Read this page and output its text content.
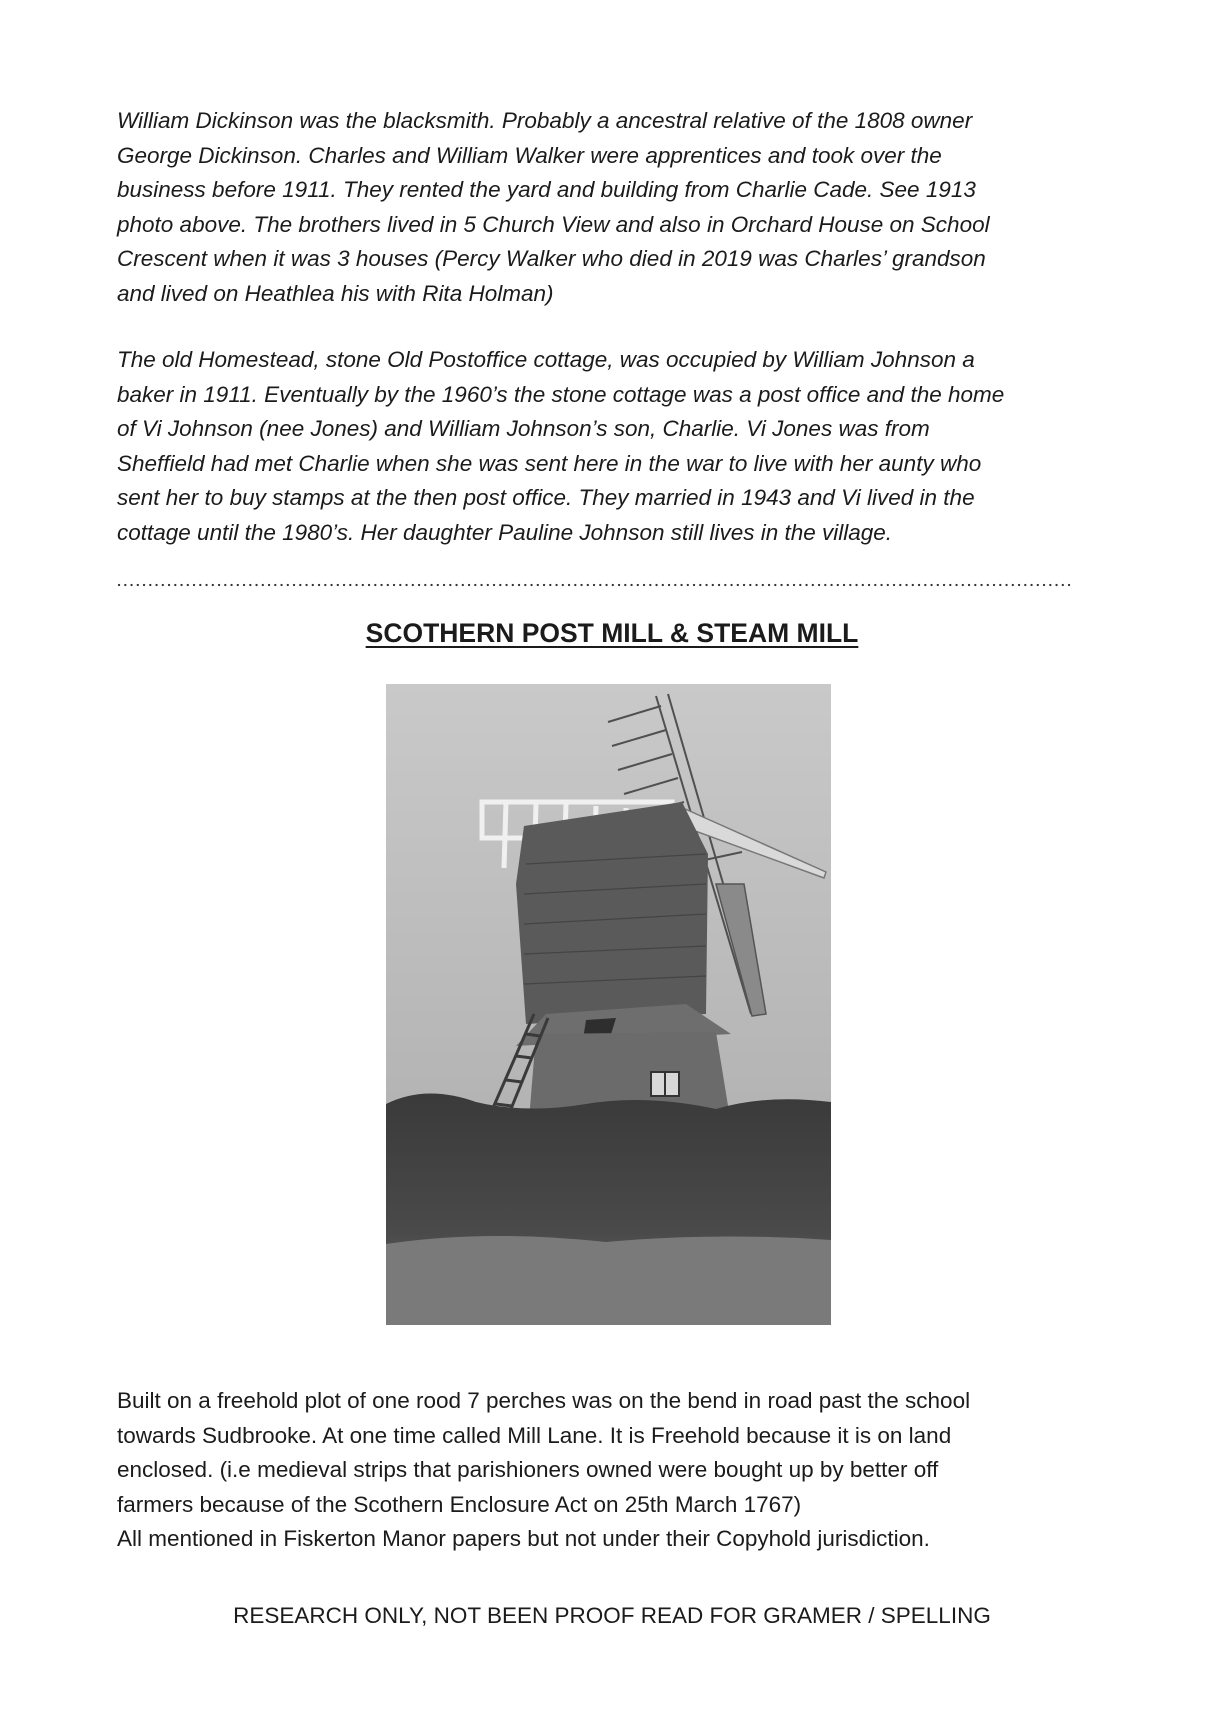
William Dickinson was the blacksmith. Probably a ancestral relative of the 1808 owner
George Dickinson. Charles and William Walker were apprentices and took over the
business before 1911. They rented the yard and building from Charlie Cade. See 1913
photo above. The brothers lived in 5 Church View and also in Orchard House on School
Crescent when it was 3 houses (Percy Walker who died in 2019 was Charles’ grandson
and lived on Heathlea his with Rita Holman)
The old Homestead, stone Old Postoffice cottage, was occupied by William Johnson a
baker in 1911. Eventually by the 1960’s the stone cottage was a post office and the home
of Vi Johnson (nee Jones) and William Johnson’s son, Charlie. Vi Jones was from
Sheffield had met Charlie when she was sent here in the war to live with her aunty who
sent her to buy stamps at the then post office. They married in 1943 and Vi lived in the
cottage until the 1980’s. Her daughter Pauline Johnson still lives in the village.
SCOTHERN POST MILL & STEAM MILL
Built on a freehold plot of one rood 7 perches was on the bend in road past the school
towards Sudbrooke. At one time called Mill Lane. It is Freehold because it is on land
enclosed. (i.e medieval strips that parishioners owned were bought up by better off
farmers because of the Scothern Enclosure Act on 25th March 1767)
All mentioned in Fiskerton Manor papers but not under their Copyhold jurisdiction.

RESEARCH ONLY, NOT BEEN PROOF READ FOR GRAMER / SPELLING
